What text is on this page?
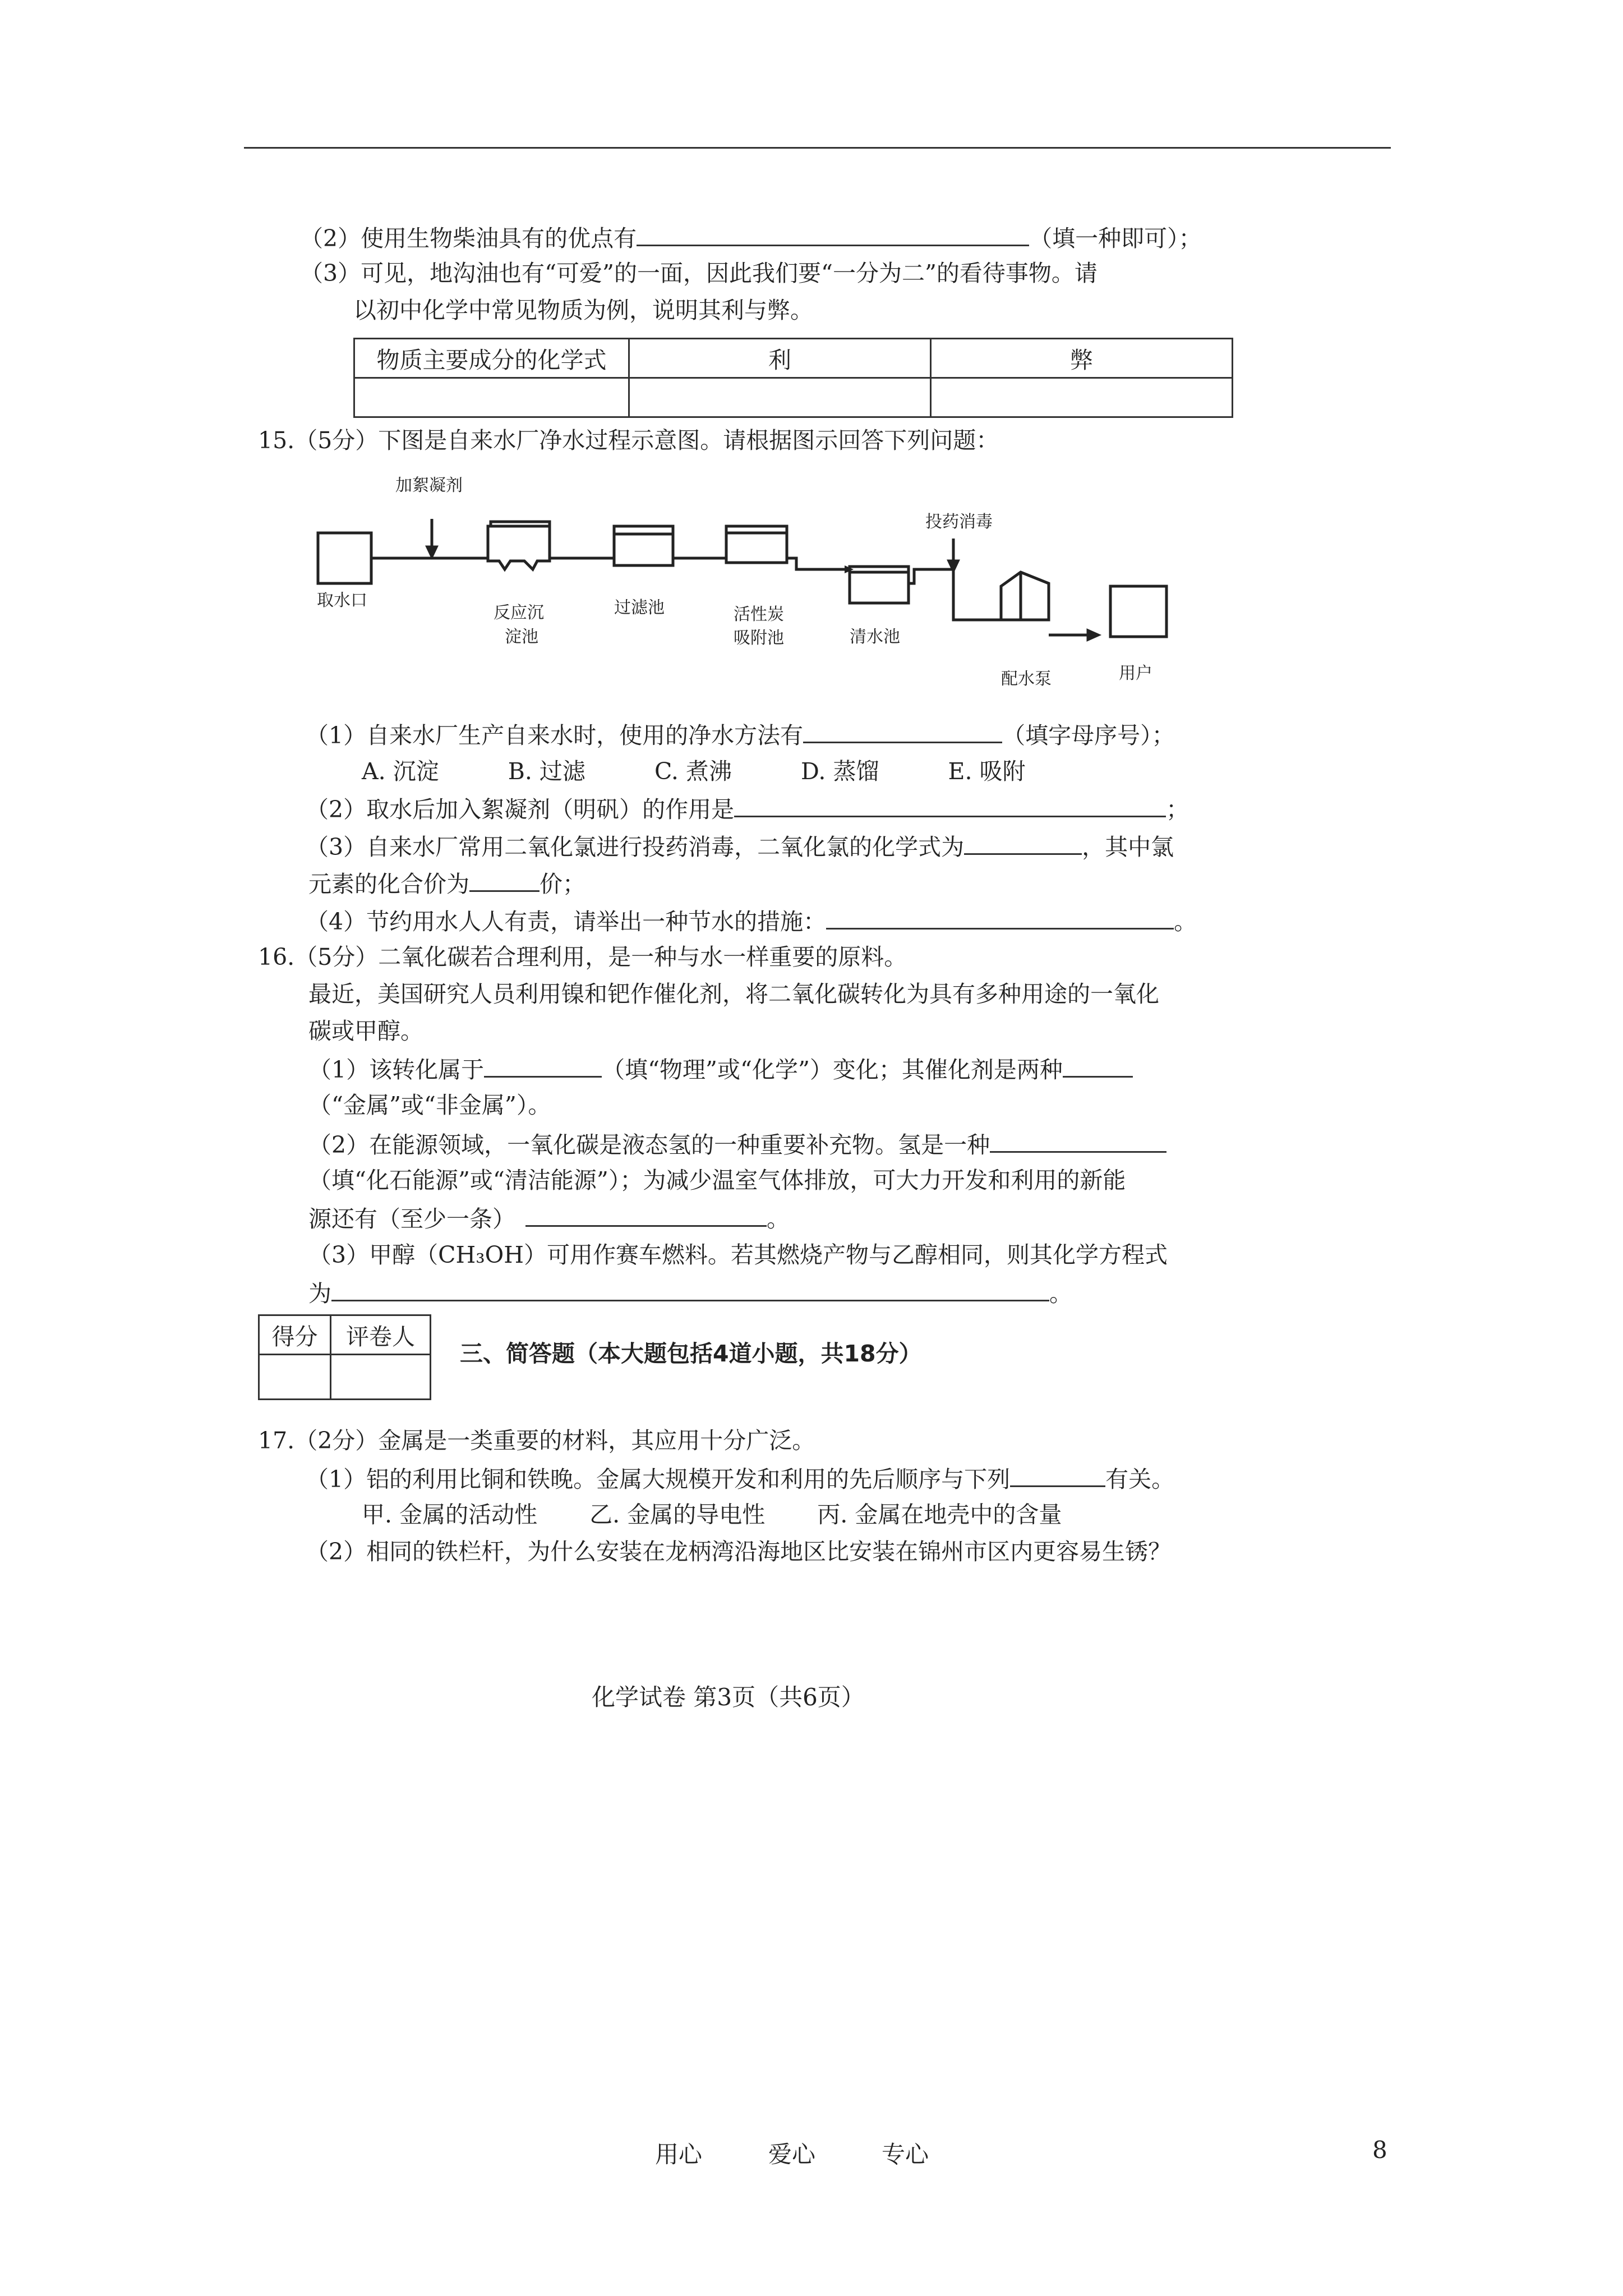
（2）使用生物柴油具有的优点有	（填一种即可）；
（3）可见，地沟油也有“可爱”的一面，因此我们要“一分为二”的看待事物。请
以初中化学中常见物质为例，说明其利与弊。
物质主要成分的化学式	利	弊

15.（5分）下图是自来水厂净水过程示意图。请根据图示回答下列问题：
加絮凝剂
取水口
反应沉
淀池
过滤池	活性炭
吸附池	清水池
投药消毒
配水泵	用户
（1）自来水厂生产自来水时，使用的净水方法有	（填字母序号）；
A. 沉淀	B. 过滤	C. 煮沸	D. 蒸馏	E. 吸附
（2）取水后加入絮凝剂（明矾）的作用是	；
（3）自来水厂常用二氧化氯进行投药消毒，二氧化氯的化学式为	，其中氯
元素的化合价为	价；
（4）节约用水人人有责，请举出一种节水的措施：	。
16.（5分）二氧化碳若合理利用，是一种与水一样重要的原料。
最近，美国研究人员利用镍和钯作催化剂，将二氧化碳转化为具有多种用途的一氧化
碳或甲醇。
（1）该转化属于	（填“物理”或“化学”）变化；其催化剂是两种
（“金属”或“非金属”）。
（2）在能源领域，一氧化碳是液态氢的一种重要补充物。氢是一种
（填“化石能源”或“清洁能源”）；为减少温室气体排放，可大力开发和利用的新能
源还有（至少一条）	。
（3）甲醇（CH₃OH）可用作赛车燃料。若其燃烧产物与乙醇相同，则其化学方程式
为	。
得分	评卷人

三、简答题（本大题包括4道小题，共18分）
17.（2分）金属是一类重要的材料，其应用十分广泛。
（1）铝的利用比铜和铁晚。金属大规模开发和利用的先后顺序与下列	有关。
甲. 金属的活动性 乙. 金属的导电性 丙. 金属在地壳中的含量
（2）相同的铁栏杆，为什么安装在龙柄湾沿海地区比安装在锦州市区内更容易生锈？
化学试卷 第3页（共6页）
用心	爱心	专心	8
